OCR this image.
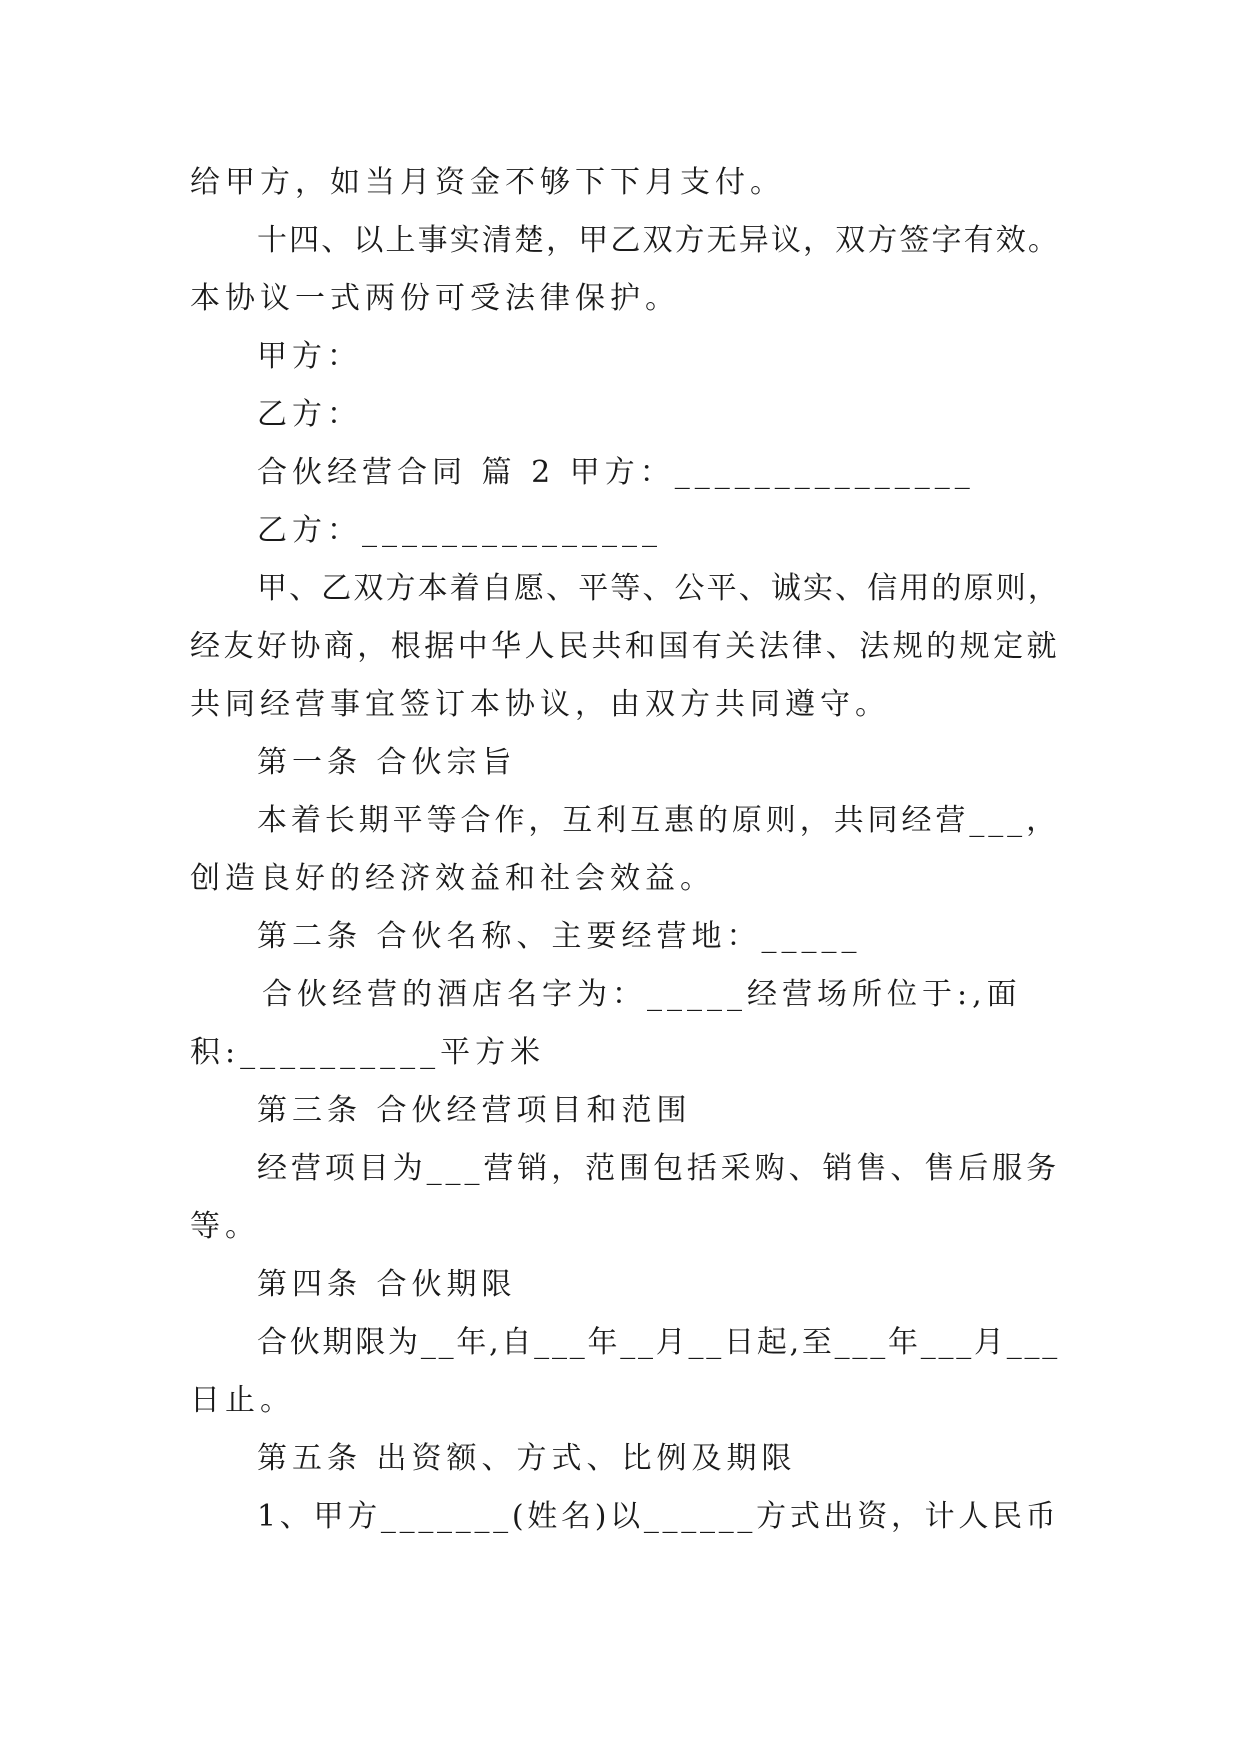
给甲方，如当月资金不够下下月支付。
十四、以上事实清楚，甲乙双方无异议，双方签字有效。
本协议一式两份可受法律保护。
甲方：
乙方：
合伙经营合同 篇 2 甲方：_______________
乙方：_______________
甲、乙双方本着自愿、平等、公平、诚实、信用的原则，
经友好协商，根据中华人民共和国有关法律、法规的规定就
共同经营事宜签订本协议，由双方共同遵守。
第一条 合伙宗旨
本着长期平等合作，互利互惠的原则，共同经营___，
创造良好的经济效益和社会效益。
第二条 合伙名称、主要经营地：_____
合伙经营的酒店名字为：_____经营场所位于:,面
积:__________平方米
第三条 合伙经营项目和范围
经营项目为___营销，范围包括采购、销售、售后服务
等。
第四条 合伙期限
合伙期限为__年,自___年__月__日起,至___年___月___
日止。
第五条 出资额、方式、比例及期限
1、甲方_______(姓名)以______方式出资，计人民币
